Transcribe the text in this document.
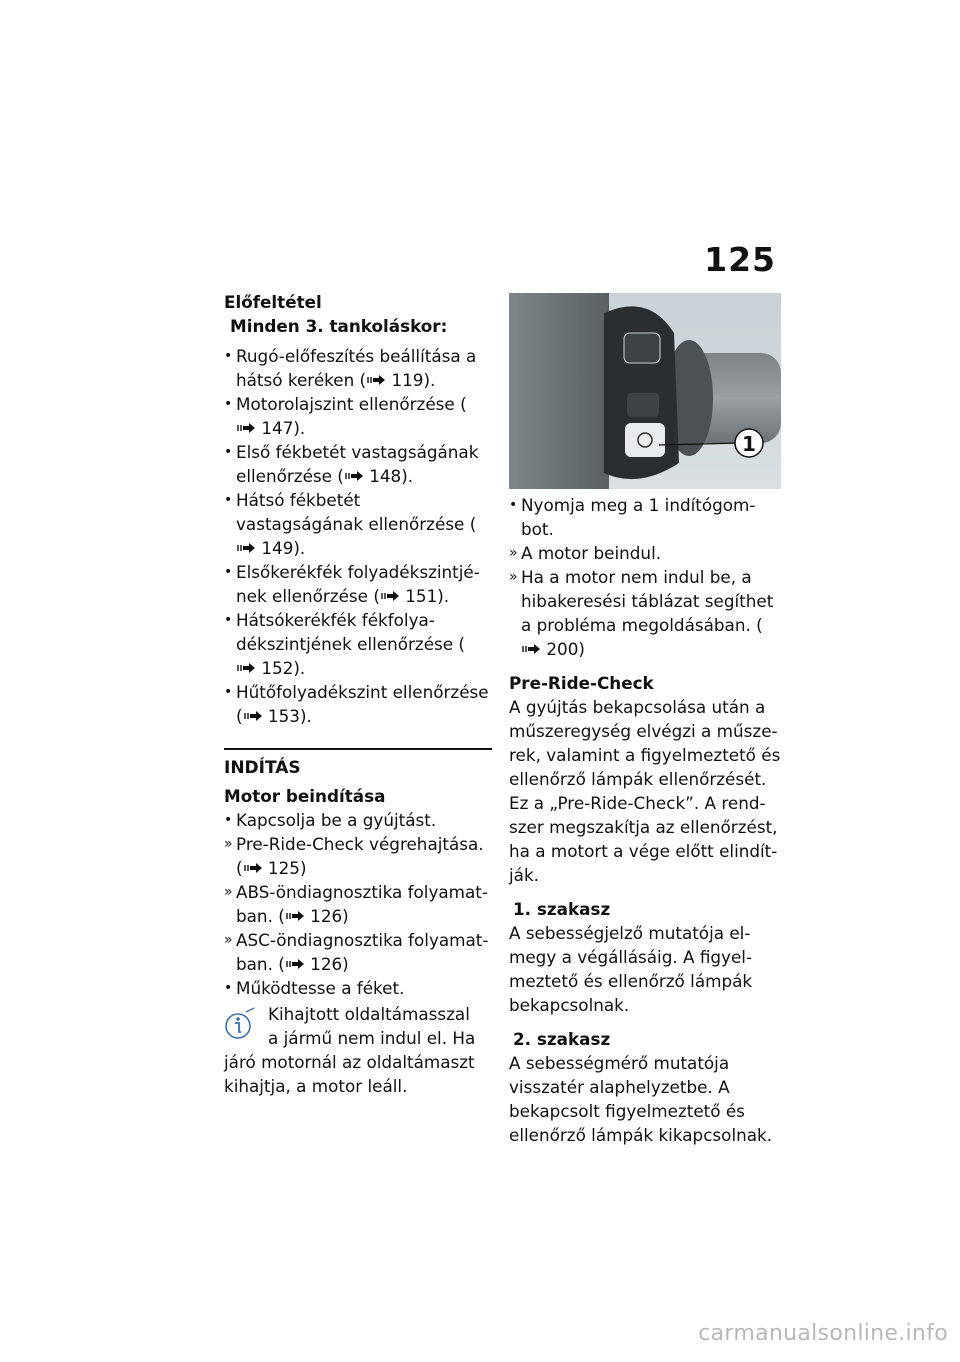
125
Előfeltétel
Minden 3. tankoláskor:
• Rugó-előfeszítés beállítása a hátsó keréken ( 119).
• Motorolajszint ellenőrzése ( 147).
• Első fékbetét vastagságának ellenőrzése ( 148).
• Hátsó fékbetét vastagságának ellenőrzése ( 149).
• Elsőkerékfék folyadékszintjé- nek ellenőrzése ( 151).
• Hátsókerékfék fékfolya- dékszintjének ellenőrzése ( 152).
• Hűtőfolyadékszint ellenőrzése ( 153).
INDÍTÁS
Motor beindítása
• Kapcsolja be a gyújtást.
» Pre-Ride-Check végrehajtása. ( 125)
» ABS-öndiagnosztika folyamat- ban. ( 126)
» ASC-öndiagnosztika folyamat- ban. ( 126)
• Működtesse a féket.
Kihajtott oldaltámasszal
a jármű nem indul el. Ha
járó motornál az oldaltámaszt kihajtja, a motor leáll.
1
• Nyomja meg a 1 indítógom- bot.
» A motor beindul.
» Ha a motor nem indul be, a hibakeresési táblázat segíthet a probléma megoldásában. ( 200)
Pre-Ride-Check
A gyújtás bekapcsolása után a műszeregység elvégzi a műsze- rek, valamint a figyelmeztető és ellenőrző lámpák ellenőrzését. Ez a „Pre-Ride-Check”. A rend- szer megszakítja az ellenőrzést, ha a motort a vége előtt elindít- ják.
1. szakasz
A sebességjelző mutatója el- megy a végállásáig. A figyel- meztető és ellenőrző lámpák bekapcsolnak.
2. szakasz
A sebességmérő mutatója visszatér alaphelyzetbe. A bekapcsolt figyelmeztető és ellenőrző lámpák kikapcsolnak.
carmanualsonline.info
